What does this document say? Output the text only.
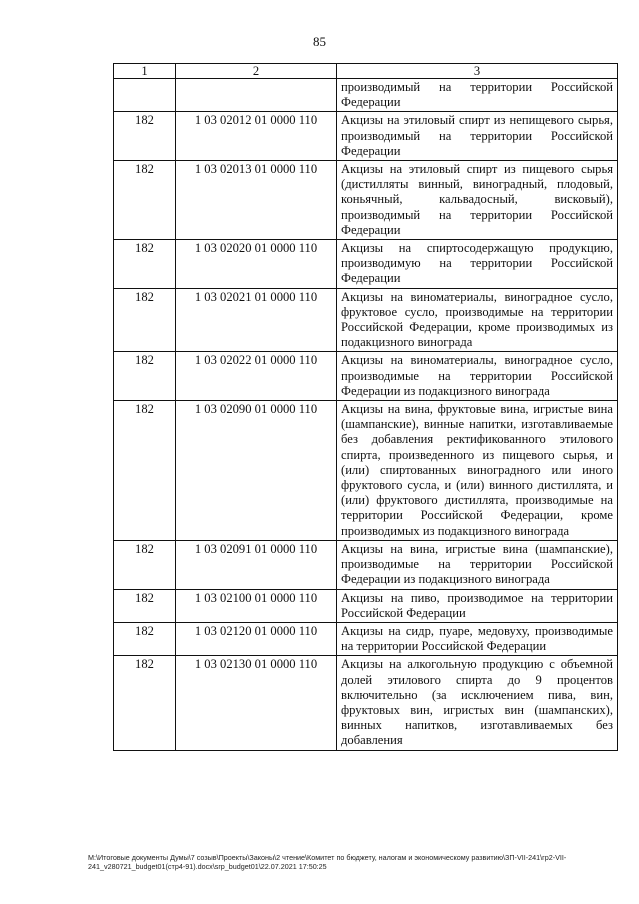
85
1	2	3
		производимый на территории Российской Федерации
182	1 03 02012 01 0000 110	Акцизы на этиловый спирт из непищевого сырья, производимый на территории Российской Федерации
182	1 03 02013 01 0000 110	Акцизы на этиловый спирт из пищевого сырья (дистилляты винный, виноградный, плодовый, коньячный, кальвадосный, висковый), производимый на территории Российской Федерации
182	1 03 02020 01 0000 110	Акцизы на спиртосодержащую продукцию, производимую на территории Российской Федерации
182	1 03 02021 01 0000 110	Акцизы на виноматериалы, виноградное сусло, фруктовое сусло, производимые на территории Российской Федерации, кроме производимых из подакцизного винограда
182	1 03 02022 01 0000 110	Акцизы на виноматериалы, виноградное сусло, производимые на территории Российской Федерации из подакцизного винограда
182	1 03 02090 01 0000 110	Акцизы на вина, фруктовые вина, игристые вина (шампанские), винные напитки, изготавливаемые без добавления ректификованного этилового спирта, произведенного из пищевого сырья, и (или) спиртованных виноградного или иного фруктового сусла, и (или) винного дистиллята, и (или) фруктового дистиллята, производимые на территории Российской Федерации, кроме производимых из подакцизного винограда
182	1 03 02091 01 0000 110	Акцизы на вина, игристые вина (шампанские), производимые на территории Российской Федерации из подакцизного винограда
182	1 03 02100 01 0000 110	Акцизы на пиво, производимое на территории Российской Федерации
182	1 03 02120 01 0000 110	Акцизы на сидр, пуаре, медовуху, производимые на территории Российской Федерации
182	1 03 02130 01 0000 110	Акцизы на алкогольную продукцию с объемной долей этилового спирта до 9 процентов включительно (за исключением пива, вин, фруктовых вин, игристых вин (шампанских), винных напитков, изготавливаемых без добавления
М:\Итоговые документы Думы\7 созыв\Проекты\Законы\2 чтение\Комитет по бюджету, налогам и экономическому развитию\ЗП-VII-241\гр2-VII-241_v280721_budget01(стр4-91).docx\srp_budget01\22.07.2021 17:50:25
